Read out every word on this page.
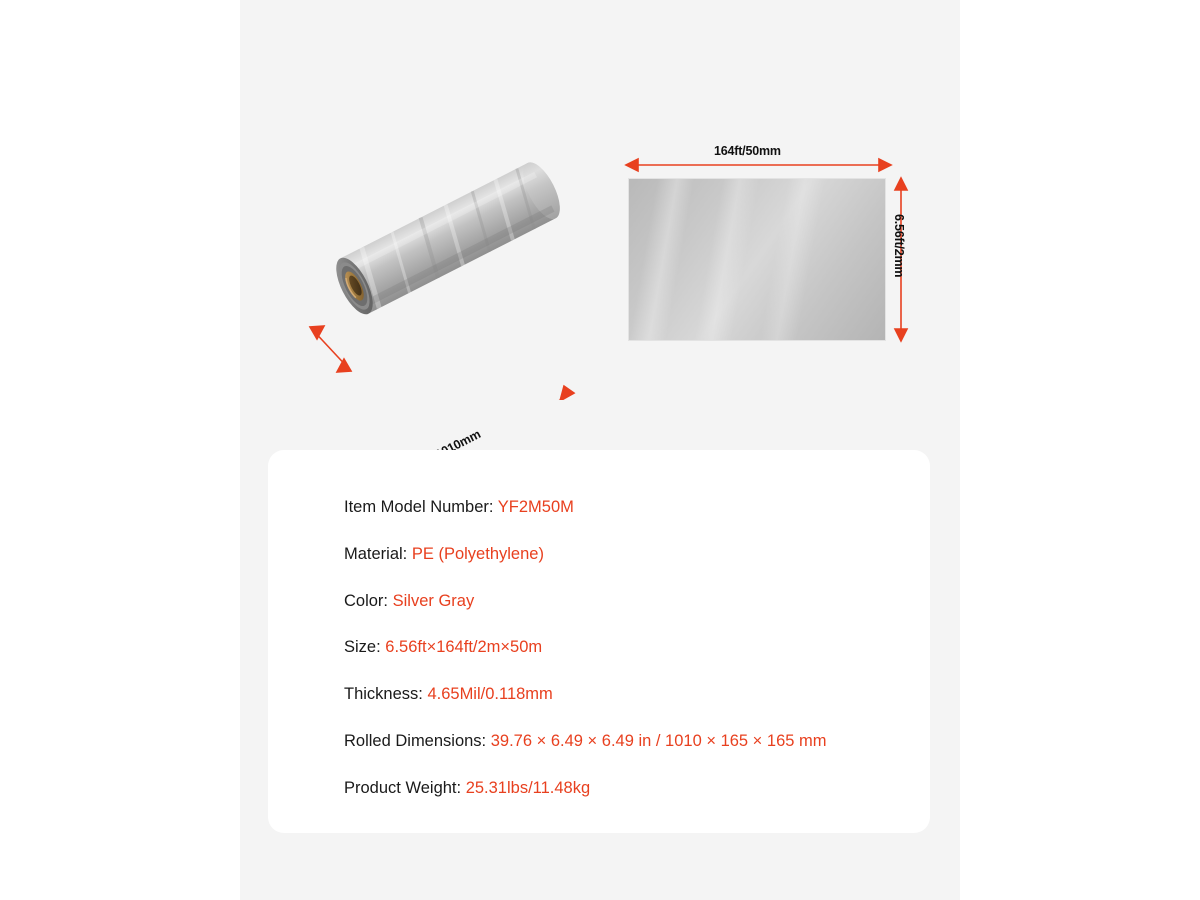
164ft/50mm
6.56ft/2mm
Item Model Number: YF2M50M
Material: PE (Polyethylene)
Color: Silver Gray
Size: 6.56ft×164ft/2m×50m
Thickness: 4.65Mil/0.118mm
Rolled Dimensions: 39.76 × 6.49 × 6.49 in / 1010 × 165 × 165 mm
Product Weight: 25.31lbs/11.48kg
